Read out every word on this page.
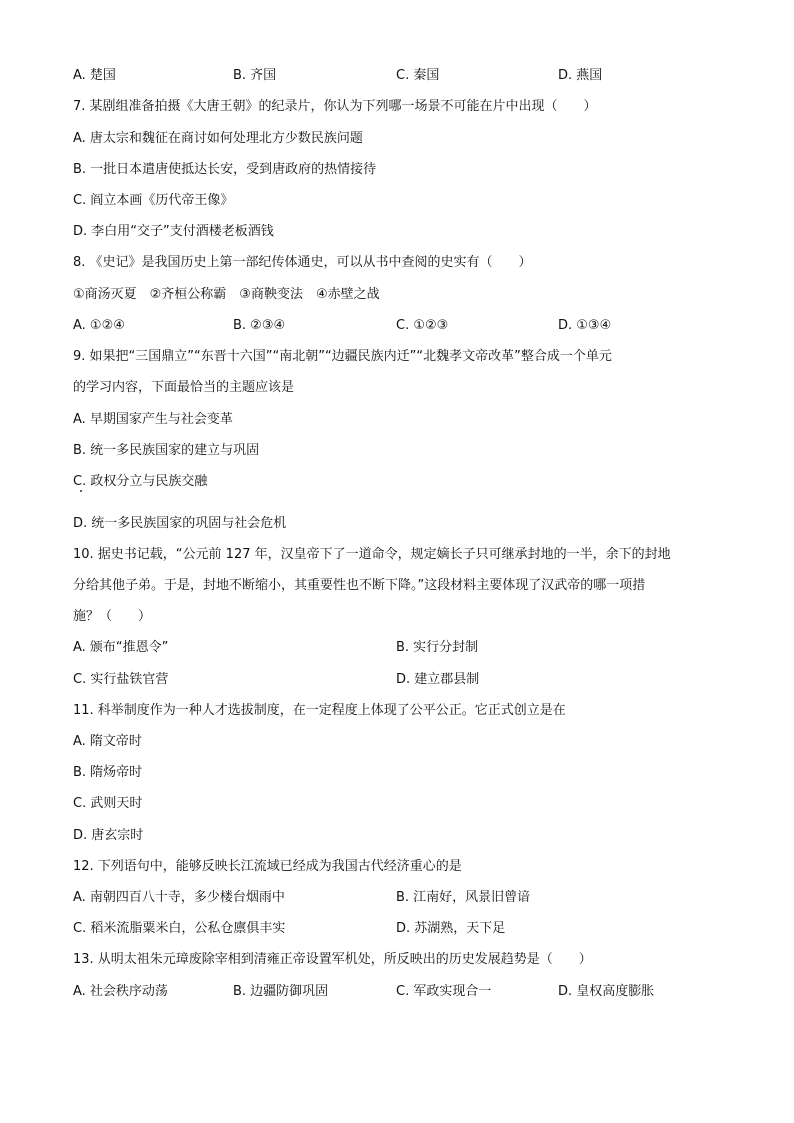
A. 楚国	B. 齐国	C. 秦国	D. 燕国
7. 某剧组准备拍摄《大唐王朝》的纪录片，你认为下列哪一场景不可能在片中出现（　　）
A. 唐太宗和魏征在商讨如何处理北方少数民族问题
B. 一批日本遣唐使抵达长安，受到唐政府的热情接待
C. 阎立本画《历代帝王像》
D. 李白用“交子”支付酒楼老板酒钱
8. 《史记》是我国历史上第一部纪传体通史，可以从书中查阅的史实有（　　）
①商汤灭夏　②齐桓公称霸　③商鞅变法　④赤壁之战
A. ①②④	B. ②③④	C. ①②③	D. ①③④
9. 如果把“三国鼎立”“东晋十六国”“南北朝”“边疆民族内迁”“北魏孝文帝改革”整合成一个单元
的学习内容，下面最恰当的主题应该是
A. 早期国家产生与社会变革
B. 统一多民族国家的建立与巩固
C. 政权分立与民族交融
D. 统一多民族国家的巩固与社会危机
10. 据史书记载，“公元前 127 年，汉皇帝下了一道命令，规定嫡长子只可继承封地的一半，余下的封地
分给其他子弟。于是，封地不断缩小，其重要性也不断下降。”这段材料主要体现了汉武帝的哪一项措
施？（　　）
A. 颁布“推恩令”	B. 实行分封制
C. 实行盐铁官营	D. 建立郡县制
11. 科举制度作为一种人才选拔制度，在一定程度上体现了公平公正。它正式创立是在
A. 隋文帝时
B. 隋炀帝时
C. 武则天时
D. 唐玄宗时
12. 下列语句中，能够反映长江流域已经成为我国古代经济重心的是
A. 南朝四百八十寺，多少楼台烟雨中	B. 江南好，风景旧曾谙
C. 稻米流脂粟米白，公私仓廪俱丰实	D. 苏湖熟，天下足
13. 从明太祖朱元璋废除宰相到清雍正帝设置军机处，所反映出的历史发展趋势是（　　）
A. 社会秩序动荡	B. 边疆防御巩固	C. 军政实现合一	D. 皇权高度膨胀
